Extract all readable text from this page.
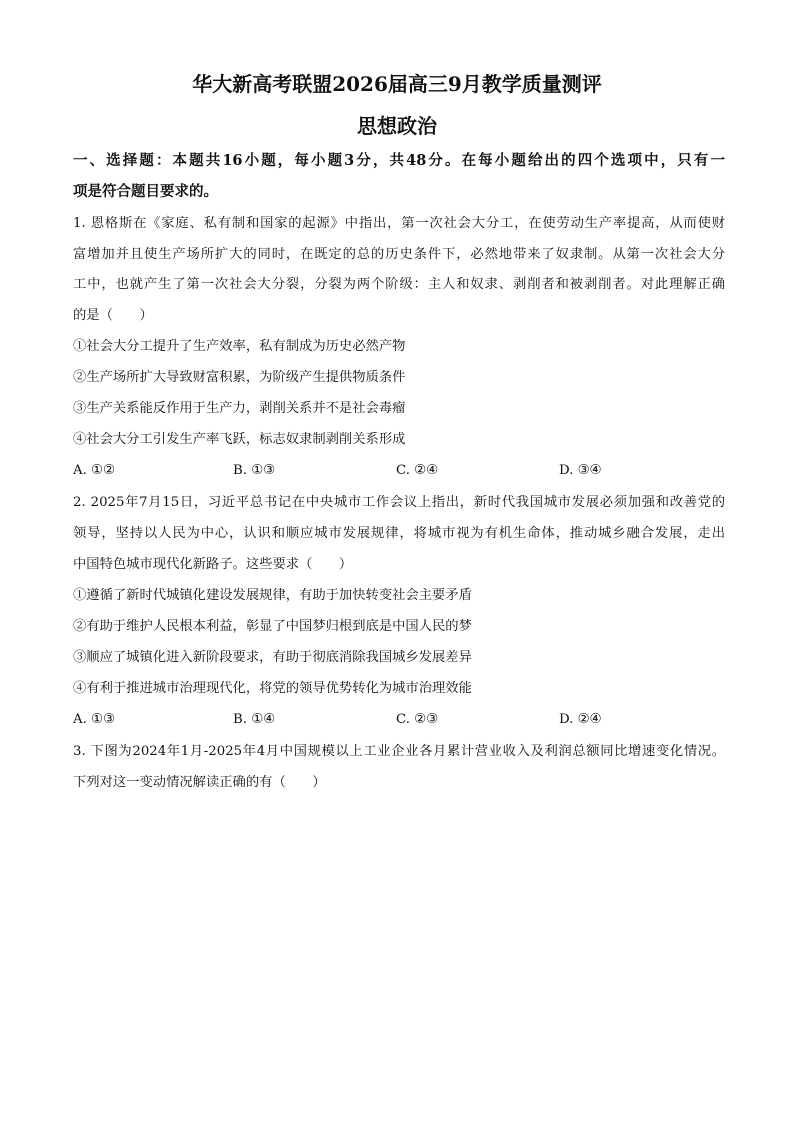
华大新高考联盟2026届高三9月教学质量测评
思想政治
一、选择题：本题共16小题，每小题3分，共48分。在每小题给出的四个选项中，只有一
项是符合题目要求的。
1. 恩格斯在《家庭、私有制和国家的起源》中指出，第一次社会大分工，在使劳动生产率提高，从而使财
富增加并且使生产场所扩大的同时，在既定的总的历史条件下，必然地带来了奴隶制。从第一次社会大分
工中，也就产生了第一次社会大分裂，分裂为两个阶级：主人和奴隶、剥削者和被剥削者。对此理解正确
的是（　　）
①社会大分工提升了生产效率，私有制成为历史必然产物
②生产场所扩大导致财富积累，为阶级产生提供物质条件
③生产关系能反作用于生产力，剥削关系并不是社会毒瘤
④社会大分工引发生产率飞跃，标志奴隶制剥削关系形成
A. ①②	B. ①③	C. ②④	D. ③④
2. 2025年7月15日，习近平总书记在中央城市工作会议上指出，新时代我国城市发展必须加强和改善党的
领导，坚持以人民为中心，认识和顺应城市发展规律，将城市视为有机生命体，推动城乡融合发展，走出
中国特色城市现代化新路子。这些要求（　　）
①遵循了新时代城镇化建设发展规律，有助于加快转变社会主要矛盾
②有助于维护人民根本利益，彰显了中国梦归根到底是中国人民的梦
③顺应了城镇化进入新阶段要求，有助于彻底消除我国城乡发展差异
④有利于推进城市治理现代化，将党的领导优势转化为城市治理效能
A. ①③	B. ①④	C. ②③	D. ②④
3. 下图为2024年1月-2025年4月中国规模以上工业企业各月累计营业收入及利润总额同比增速变化情况。
下列对这一变动情况解读正确的有（　　）
